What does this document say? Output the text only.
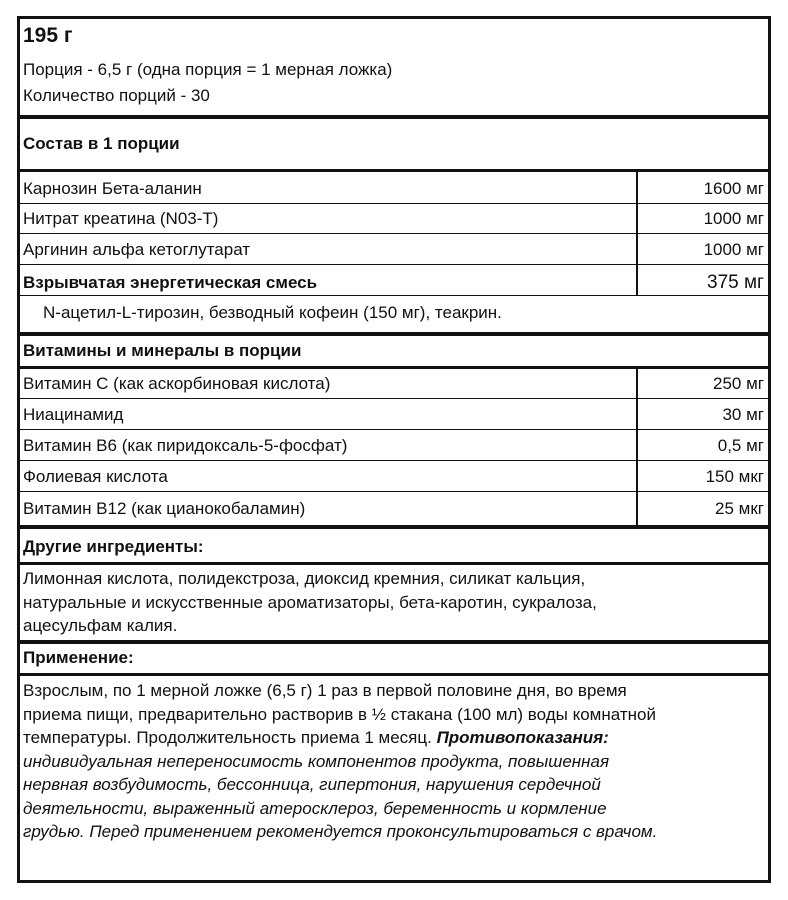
195 г
Порция - 6,5 г (одна порция = 1 мерная ложка)
Количество порций - 30
Состав в 1 порции
Карнозин Бета-аланин	1600 мг
Нитрат креатина (N03-T)	1000 мг
Аргинин альфа кетоглутарат	1000 мг
Взрывчатая энергетическая смесь	375 мг
N-ацетил-L-тирозин, безводный кофеин (150 мг), теакрин.
Витамины и минералы в порции
Витамин С (как аскорбиновая кислота)	250 мг
Ниацинамид	30 мг
Витамин В6 (как пиридоксаль-5-фосфат)	0,5 мг
Фолиевая кислота	150 мкг
Витамин В12 (как цианокобаламин)	25 мкг
Другие ингредиенты:
Лимонная кислота, полидекстроза, диоксид кремния, силикат кальция,
натуральные и искусственные ароматизаторы, бета-каротин, сукралоза,
ацесульфам калия.
Применение:
Взрослым, по 1 мерной ложке (6,5 г) 1 раз в первой половине дня, во время
приема пищи, предварительно растворив в ½ стакана (100 мл) воды комнатной
температуры. Продолжительность приема 1 месяц. Противопоказания:
индивидуальная непереносимость компонентов продукта, повышенная
нервная возбудимость, бессонница, гипертония, нарушения сердечной
деятельности, выраженный атеросклероз, беременность и кормление
грудью. Перед применением рекомендуется проконсультироваться с врачом.
